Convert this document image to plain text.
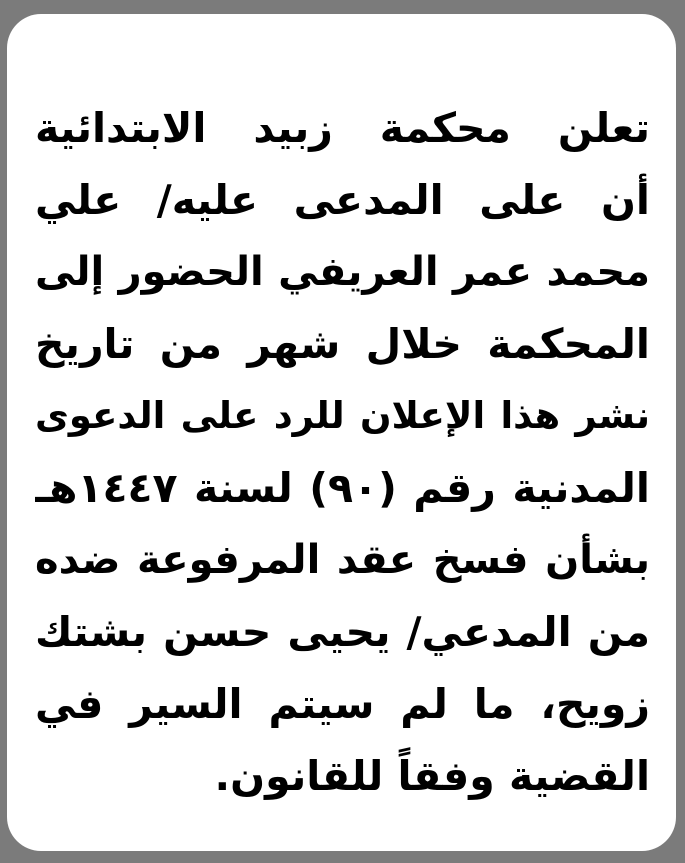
تعلن محكمة زبيد الابتدائية
أن على المدعى عليه/ علي
محمد عمر العريفي الحضور إلى
المحكمة خلال شهر من تاريخ
نشر هذا الإعلان للرد على الدعوى
المدنية رقم (٩٠) لسنة ١٤٤٧هـ
بشأن فسخ عقد المرفوعة ضده
من المدعي/ يحيى حسن بشتك
زويح، ما لم سيتم السير في
القضية وفقاً للقانون.
